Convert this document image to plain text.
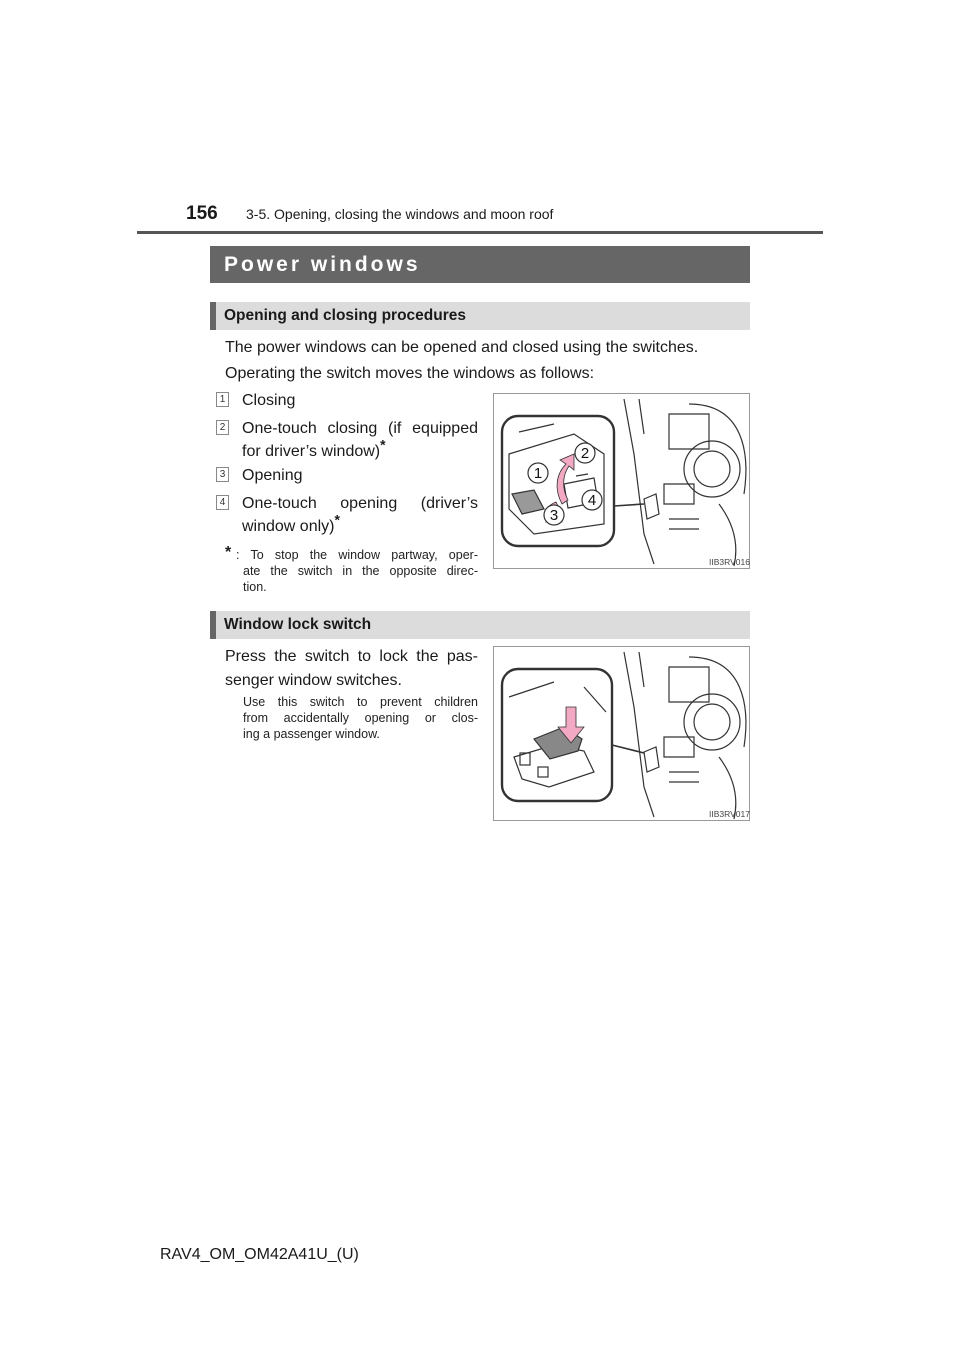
156 3-5. Opening, closing the windows and moon roof
Power windows
Opening and closing procedures
The power windows can be opened and closed using the switches.
Operating the switch moves the windows as follows:
1 Closing
2 One-touch closing (if equipped
for driver’s window)*
3 Opening
4 One-touch opening (driver’s
window only)*
* : To stop the window partway, oper-
ate the switch in the opposite direc-
tion.
1
2
3
4
IIB3RV016
Window lock switch
Press the switch to lock the pas-
senger window switches.
Use this switch to prevent children
from accidentally opening or clos-
ing a passenger window.
IIB3RV017
RAV4_OM_OM42A41U_(U)
